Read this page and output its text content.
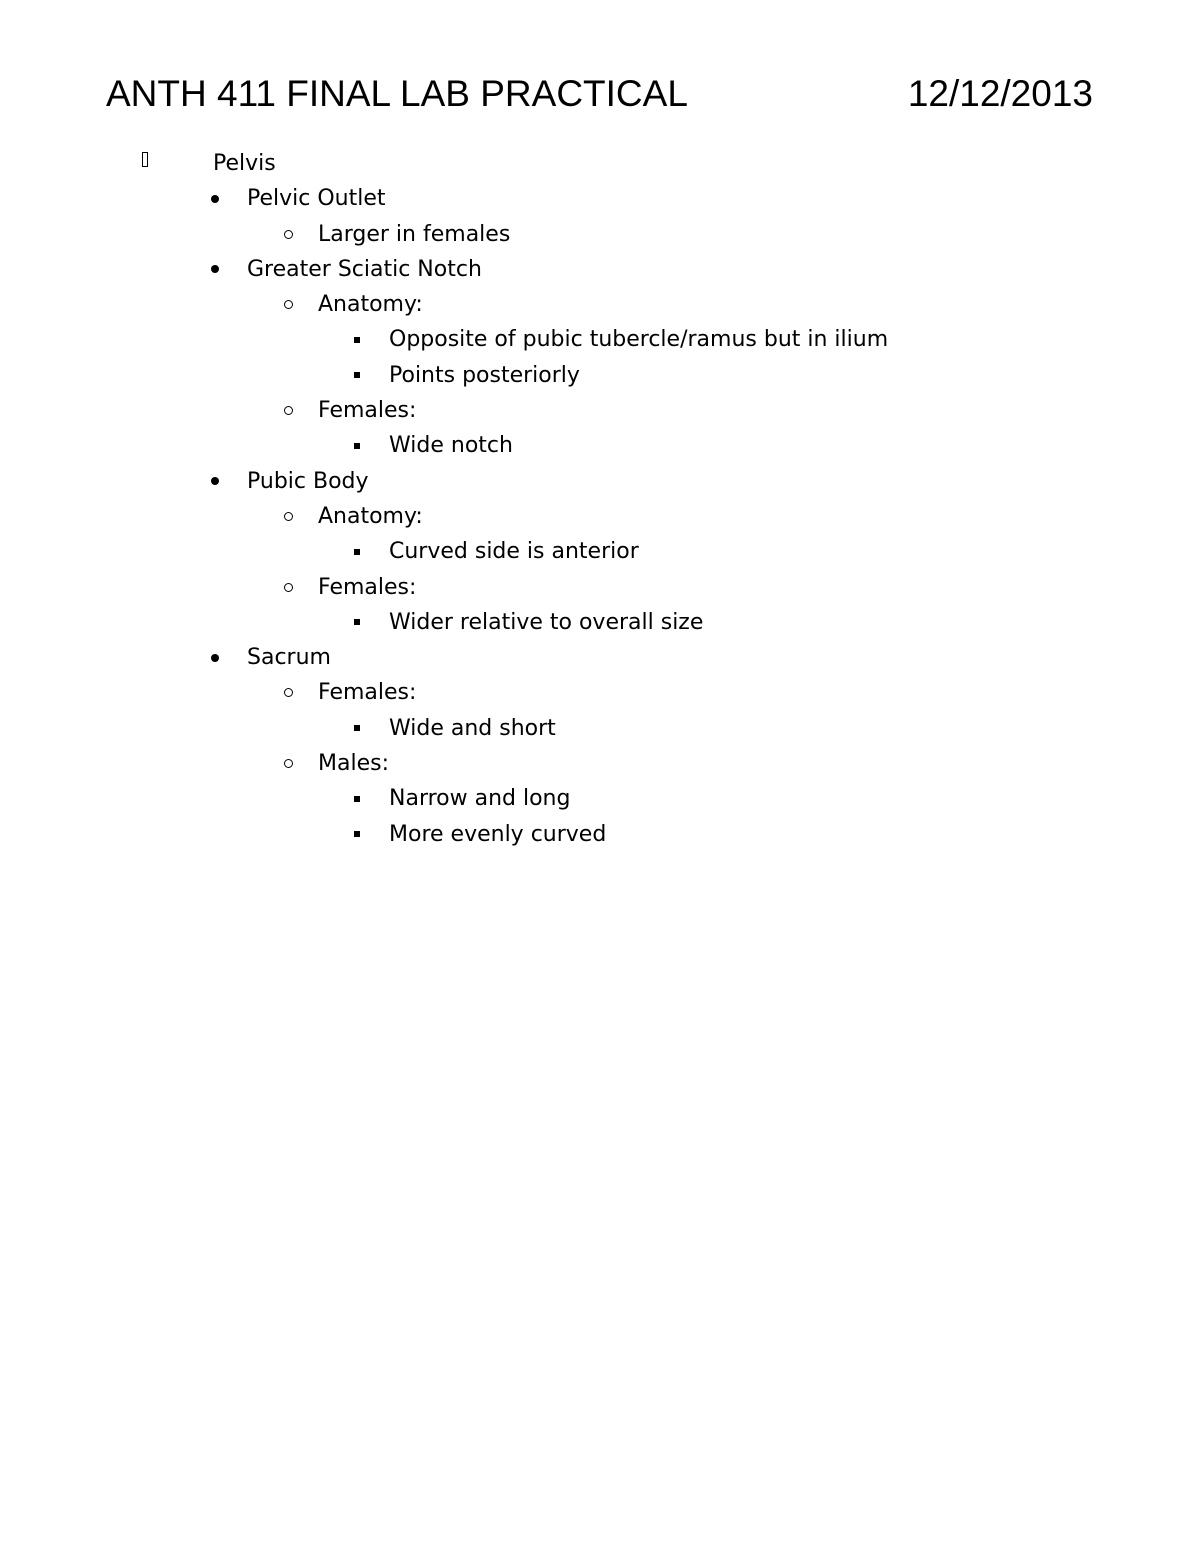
ANTH 411 FINAL LAB PRACTICAL	12/12/2013
Pelvis
Pelvic Outlet
Larger in females
Greater Sciatic Notch
Anatomy:
Opposite of pubic tubercle/ramus but in ilium
Points posteriorly
Females:
Wide notch
Pubic Body
Anatomy:
Curved side is anterior
Females:
Wider relative to overall size
Sacrum
Females:
Wide and short
Males:
Narrow and long
More evenly curved
